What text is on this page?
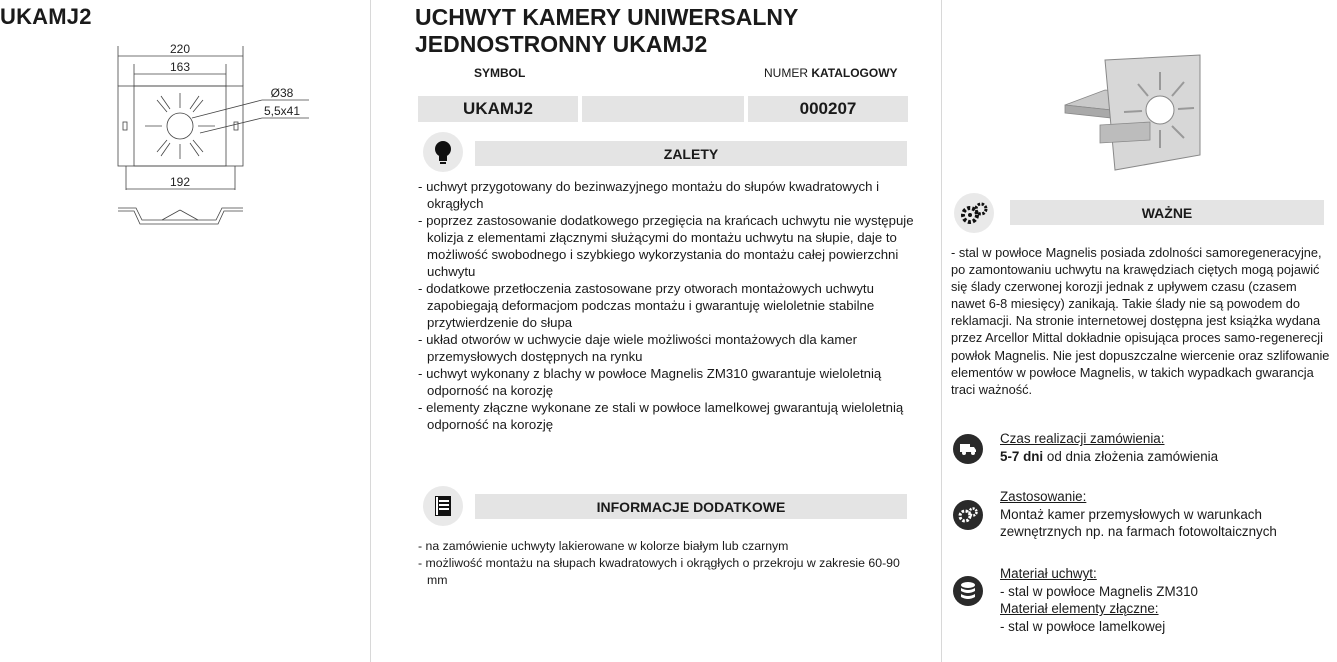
UKAMJ2
220
163
Ø38
5,5x41
192
UCHWYT KAMERY UNIWERSALNY
JEDNOSTRONNY UKAMJ2
SYMBOL	NUMER KATALOGOWY
UKAMJ2	000207
ZALETY
- uchwyt przygotowany do bezinwazyjnego montażu do słupów kwadratowych i okrągłych
- poprzez zastosowanie dodatkowego przegięcia na krańcach uchwytu nie występuje kolizja z elementami złącznymi służącymi do montażu uchwytu na słupie, daje to możliwość swobodnego i szybkiego wykorzystania do montażu całej powierzchni uchwytu
- dodatkowe przetłoczenia zastosowane przy otworach montażowych uchwytu zapobiegają deformacjom podczas montażu i gwarantuję wieloletnie stabilne przytwierdzenie do słupa
- układ otworów w uchwycie daje wiele możliwości montażowych dla kamer przemysłowych dostępnych na rynku
- uchwyt wykonany z blachy w powłoce Magnelis ZM310 gwarantuje wieloletnią odporność na korozję
- elementy złączne wykonane ze stali w powłoce lamelkowej gwarantują wieloletnią odporność na korozję
INFORMACJE DODATKOWE
- na zamówienie uchwyty lakierowane w kolorze białym lub czarnym
- możliwość montażu na słupach kwadratowych i okrągłych o przekroju w zakresie 60-90 mm
WAŻNE
- stal w powłoce Magnelis posiada zdolności samoregeneracyjne, po zamontowaniu uchwytu na krawędziach ciętych mogą pojawić się ślady czerwonej korozji jednak z upływem czasu (czasem nawet 6-8 miesięcy) zanikają. Takie ślady nie są powodem do reklamacji. Na stronie internetowej dostępna jest książka wydana przez Arcellor Mittal dokładnie opisująca proces samo-regenerecji powłok Magnelis. Nie jest dopuszczalne wiercenie oraz szlifowanie elementów w powłoce Magnelis, w takich wypadkach gwarancja traci ważność.
Czas realizacji zamówienia:
5-7 dni od dnia złożenia zamówienia
Zastosowanie:
Montaż kamer przemysłowych w warunkach zewnętrznych np. na farmach fotowoltaicznych
Materiał uchwyt:
- stal w powłoce Magnelis ZM310
Materiał elementy złączne:
- stal w powłoce lamelkowej
